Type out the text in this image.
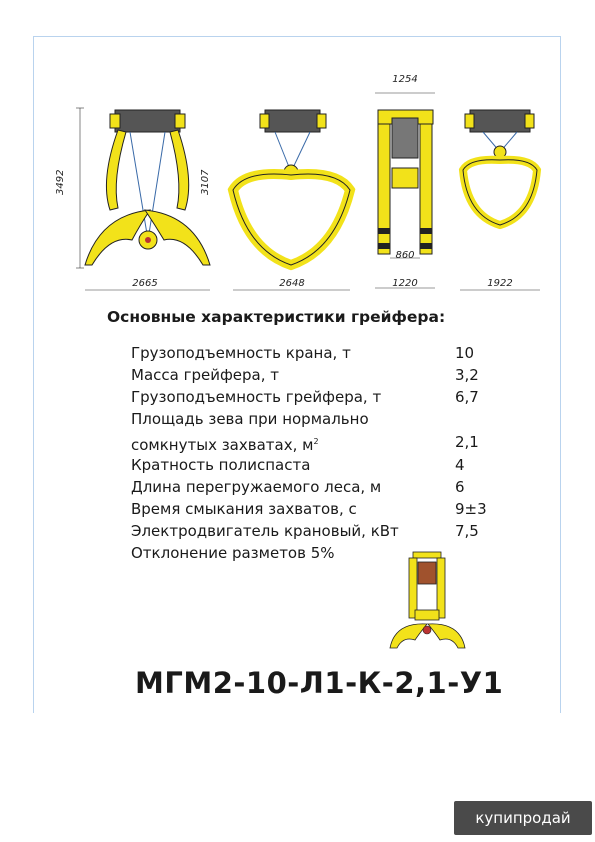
3492
2665
3107
2648
1254
860
1220	1922
Основные характеристики грейфера:
Грузоподъемность крана, т	10
Масса грейфера, т	3,2
Грузоподъемность грейфера, т	6,7
Площадь зева при нормально
сомкнутых захватах, $м^2$	2,1
Кратность полиспаста	4
Длина перегружаемого леса, м	6
Время смыкания захватов, с	9±3
Электродвигатель крановый, кВт	7,5
Отклонение разметов 5%
МГМ2-10-Л1-К-2,1-У1
купипродай
